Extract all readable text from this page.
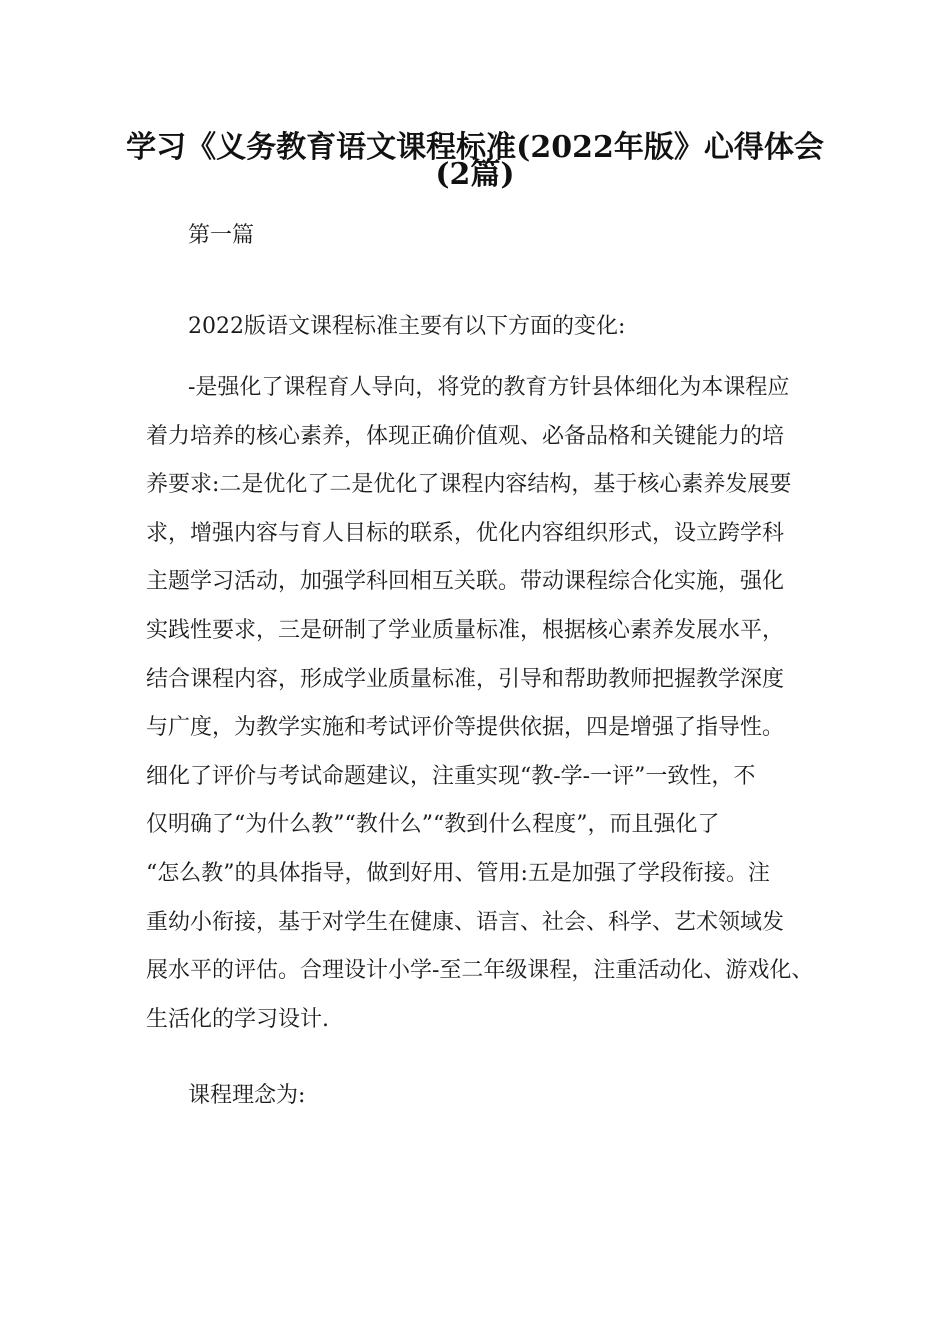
学习《义务教育语文课程标准(2022年版》心得体会
(2篇)
第一篇
2022版语文课程标准主要有以下方面的变化:
-是强化了课程育人导向，将党的教育方针县体细化为本课程应
着力培养的核心素养，体现正确价值观、必备品格和关键能力的培
养要求:二是优化了二是优化了课程内容结构，基于核心素养发展要
求，增强内容与育人目标的联系，优化内容组织形式，设立跨学科
主题学习活动，加强学科回相互关联。带动课程综合化实施，强化
实践性要求，三是研制了学业质量标准，根据核心素养发展水平，
结合课程内容，形成学业质量标准，引导和帮助教师把握教学深度
与广度，为教学实施和考试评价等提供依据，四是增强了指导性。
细化了评价与考试命题建议，注重实现“教-学-一评”一致性，不
仅明确了“为什么教”“教什么”“教到什么程度”，而且强化了
“怎么教”的具体指导，做到好用、管用:五是加强了学段衔接。注
重幼小衔接，基于对学生在健康、语言、社会、科学、艺术领域发
展水平的评估。合理设计小学-至二年级课程，注重活动化、游戏化、
生活化的学习设计.
课程理念为:
